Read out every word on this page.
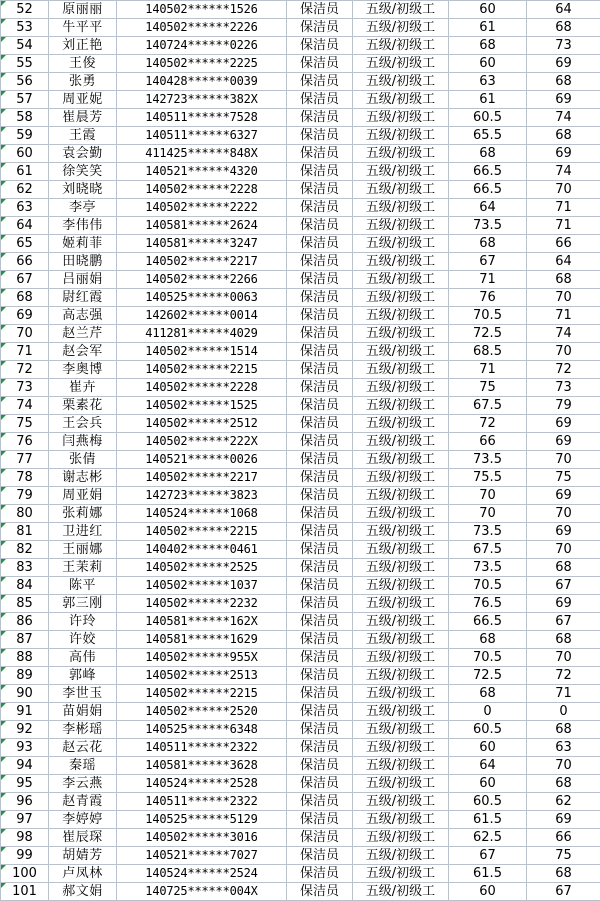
52	原丽丽	140502******1526	保洁员	五级/初级工	60	64

53	牛平平	140502******2226	保洁员	五级/初级工	61	68

54	刘正艳	140724******0226	保洁员	五级/初级工	68	73

55	王俊	140502******2225	保洁员	五级/初级工	60	69

56	张勇	140428******0039	保洁员	五级/初级工	63	68

57	周亚妮	142723******382X	保洁员	五级/初级工	61	69

58	崔晨芳	140511******7528	保洁员	五级/初级工	60.5	74

59	王霞	140511******6327	保洁员	五级/初级工	65.5	68

60	袁会勤	411425******848X	保洁员	五级/初级工	68	69

61	徐笑笑	140521******4320	保洁员	五级/初级工	66.5	74

62	刘晓晓	140502******2228	保洁员	五级/初级工	66.5	70

63	李亭	140502******2222	保洁员	五级/初级工	64	71

64	李伟伟	140581******2624	保洁员	五级/初级工	73.5	71

65	姬莉菲	140581******3247	保洁员	五级/初级工	68	66

66	田晓鹏	140502******2217	保洁员	五级/初级工	67	64

67	吕丽娟	140502******2266	保洁员	五级/初级工	71	68

68	尉红霞	140525******0063	保洁员	五级/初级工	76	70

69	高志强	142602******0014	保洁员	五级/初级工	70.5	71

70	赵兰芹	411281******4029	保洁员	五级/初级工	72.5	74

71	赵会军	140502******1514	保洁员	五级/初级工	68.5	70

72	李奥博	140502******2215	保洁员	五级/初级工	71	72

73	崔卉	140502******2228	保洁员	五级/初级工	75	73

74	栗素花	140502******1525	保洁员	五级/初级工	67.5	79

75	王会兵	140502******2512	保洁员	五级/初级工	72	69

76	闫燕梅	140502******222X	保洁员	五级/初级工	66	69

77	张倩	140521******0026	保洁员	五级/初级工	73.5	70

78	谢志彬	140502******2217	保洁员	五级/初级工	75.5	75

79	周亚娟	142723******3823	保洁员	五级/初级工	70	69

80	张莉娜	140524******1068	保洁员	五级/初级工	70	70

81	卫进红	140502******2215	保洁员	五级/初级工	73.5	69

82	王丽娜	140402******0461	保洁员	五级/初级工	67.5	70

83	王茉莉	140502******2525	保洁员	五级/初级工	73.5	68

84	陈平	140502******1037	保洁员	五级/初级工	70.5	67

85	郭三刚	140502******2232	保洁员	五级/初级工	76.5	69

86	许玲	140581******162X	保洁员	五级/初级工	66.5	67

87	许姣	140581******1629	保洁员	五级/初级工	68	68

88	高伟	140502******955X	保洁员	五级/初级工	70.5	70

89	郭峰	140502******2513	保洁员	五级/初级工	72.5	72

90	李世玉	140502******2215	保洁员	五级/初级工	68	71

91	苗娟娟	140502******2520	保洁员	五级/初级工	0	0

92	李彬瑶	140525******6348	保洁员	五级/初级工	60.5	68

93	赵云花	140511******2322	保洁员	五级/初级工	60	63

94	秦瑶	140581******3628	保洁员	五级/初级工	64	70

95	李云燕	140524******2528	保洁员	五级/初级工	60	68

96	赵青霞	140511******2322	保洁员	五级/初级工	60.5	62

97	李婷婷	140525******5129	保洁员	五级/初级工	61.5	69

98	崔辰琛	140502******3016	保洁员	五级/初级工	62.5	66

99	胡婧芳	140521******7027	保洁员	五级/初级工	67	75

100	卢凤林	140524******2524	保洁员	五级/初级工	61.5	68

101	郝文娟	140725******004X	保洁员	五级/初级工	60	67
